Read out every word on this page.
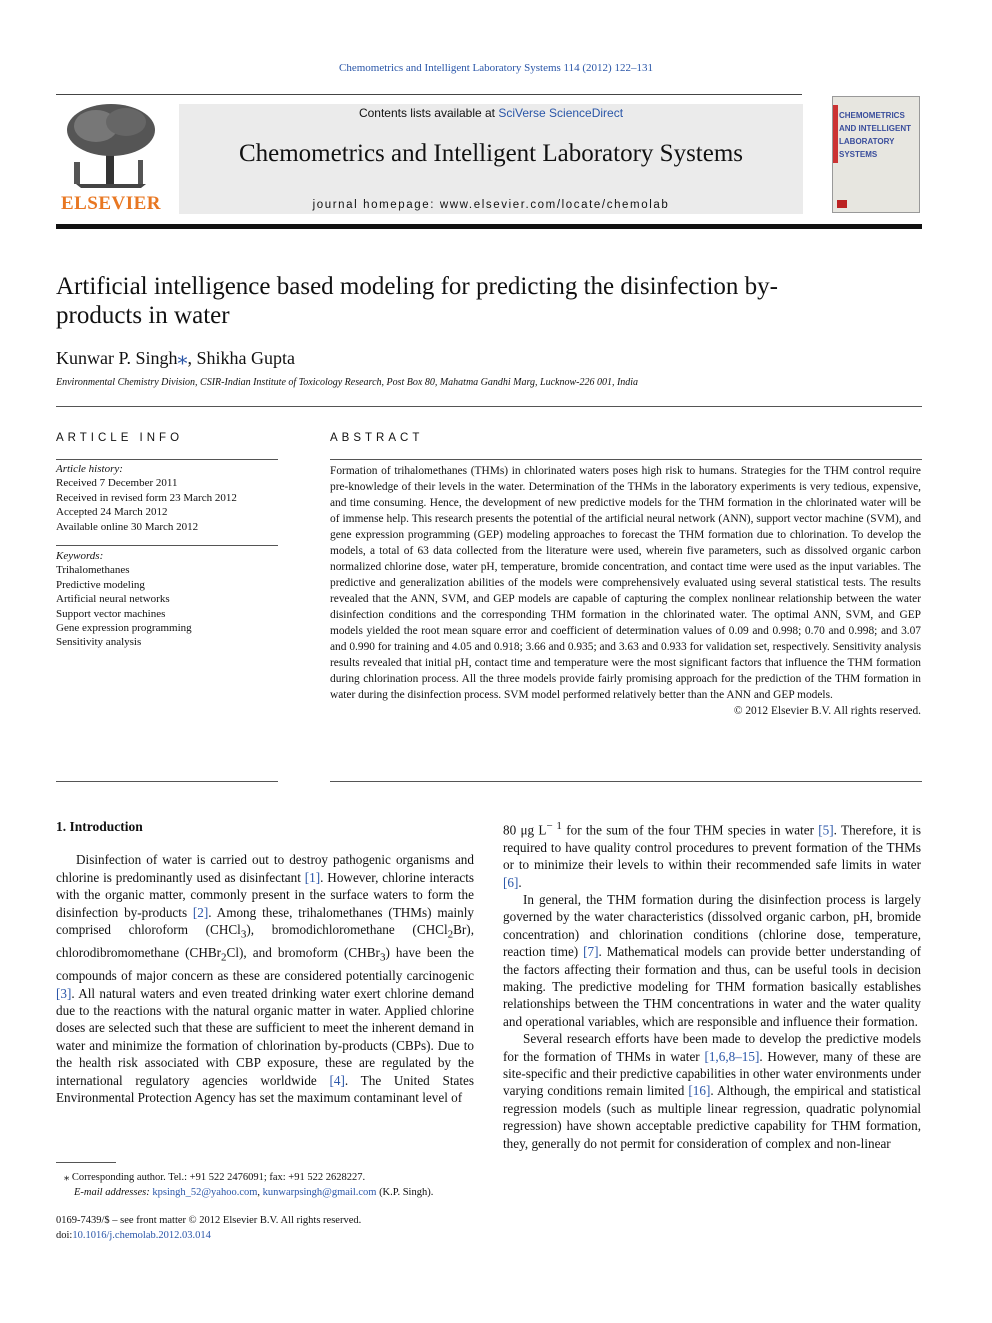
Chemometrics and Intelligent Laboratory Systems 114 (2012) 122–131
ELSEVIER
Contents lists available at SciVerse ScienceDirect
Chemometrics and Intelligent Laboratory Systems
journal homepage: www.elsevier.com/locate/chemolab
CHEMOMETRICS
AND INTELLIGENT
LABORATORY
SYSTEMS
Artificial intelligence based modeling for predicting the disinfection by-products in water
Kunwar P. Singh⁎, Shikha Gupta
Environmental Chemistry Division, CSIR-Indian Institute of Toxicology Research, Post Box 80, Mahatma Gandhi Marg, Lucknow-226 001, India
ARTICLE INFO
Article history:
Received 7 December 2011
Received in revised form 23 March 2012
Accepted 24 March 2012
Available online 30 March 2012
Keywords:
Trihalomethanes
Predictive modeling
Artificial neural networks
Support vector machines
Gene expression programming
Sensitivity analysis
ABSTRACT
Formation of trihalomethanes (THMs) in chlorinated waters poses high risk to humans. Strategies for the THM control require pre-knowledge of their levels in the water. Determination of the THMs in the laboratory experiments is very tedious, expensive, and time consuming. Hence, the development of new predictive models for the THM formation in the chlorinated water will be of immense help. This research presents the potential of the artificial neural network (ANN), support vector machine (SVM), and gene expression programming (GEP) modeling approaches to forecast the THM formation due to chlorination. To develop the models, a total of 63 data collected from the literature were used, wherein five parameters, such as dissolved organic carbon normalized chlorine dose, water pH, temperature, bromide concentration, and contact time were used as the input variables. The predictive and generalization abilities of the models were comprehensively evaluated using several statistical tests. The results revealed that the ANN, SVM, and GEP models are capable of capturing the complex nonlinear relationship between the water disinfection conditions and the corresponding THM formation in the chlorinated water. The optimal ANN, SVM, and GEP models yielded the root mean square error and coefficient of determination values of 0.09 and 0.998; 0.70 and 0.998; and 3.07 and 0.990 for training and 4.05 and 0.918; 3.66 and 0.935; and 3.63 and 0.933 for validation set, respectively. Sensitivity analysis results revealed that initial pH, contact time and temperature were the most significant factors that influence the THM formation during chlorination process. All the three models provide fairly promising approach for the prediction of the THM formation in water during the disinfection process. SVM model performed relatively better than the ANN and GEP models.
© 2012 Elsevier B.V. All rights reserved.
1. Introduction

Disinfection of water is carried out to destroy pathogenic organisms and chlorine is predominantly used as disinfectant [1]. However, chlorine interacts with the organic matter, commonly present in the surface waters to form the disinfection by-products [2]. Among these, trihalomethanes (THMs) mainly comprised chloroform (CHCl$_3$), bromodichloromethane (CHCl$_2$Br), chlorodibromomethane (CHBr$_2$Cl), and bromoform (CHBr$_3$) have been the compounds of major concern as these are considered potentially carcinogenic [3]. All natural waters and even treated drinking water exert chlorine demand due to the reactions with the natural organic matter in water. Applied chlorine doses are selected such that these are sufficient to meet the inherent demand in water and minimize the formation of chlorination by-products (CBPs). Due to the health risk associated with CBP exposure, these are regulated by the international regulatory agencies worldwide [4]. The United States Environmental Protection Agency has set the maximum contaminant level of

80 μg $L^{- 1}$ for the sum of the four THM species in water [5]. Therefore, it is required to have quality control procedures to prevent formation of the THMs or to minimize their levels to within their recommended safe limits in water [6].

In general, the THM formation during the disinfection process is largely governed by the water characteristics (dissolved organic carbon, pH, bromide concentration) and chlorination conditions (chlorine dose, temperature, reaction time) [7]. Mathematical models can provide better understanding of the factors affecting their formation and thus, can be useful tools in decision making. The predictive modeling for THM formation basically establishes relationships between the THM concentrations in water and the water quality and operational variables, which are responsible and influence their formation.

Several research efforts have been made to develop the predictive models for the formation of THMs in water [1,6,8–15]. However, many of these are site-specific and their predictive capabilities in other water environments under varying conditions remain limited [16]. Although, the empirical and statistical regression models (such as multiple linear regression, quadratic polynomial regression) have shown acceptable predictive capability for THM formation, they, generally do not permit for consideration of complex and non-linear

⁎ Corresponding author. Tel.: +91 522 2476091; fax: +91 522 2628227.
E-mail addresses: kpsingh_52@yahoo.com, kunwarpsingh@gmail.com (K.P. Singh).
0169-7439/$ – see front matter © 2012 Elsevier B.V. All rights reserved.
doi:10.1016/j.chemolab.2012.03.014
